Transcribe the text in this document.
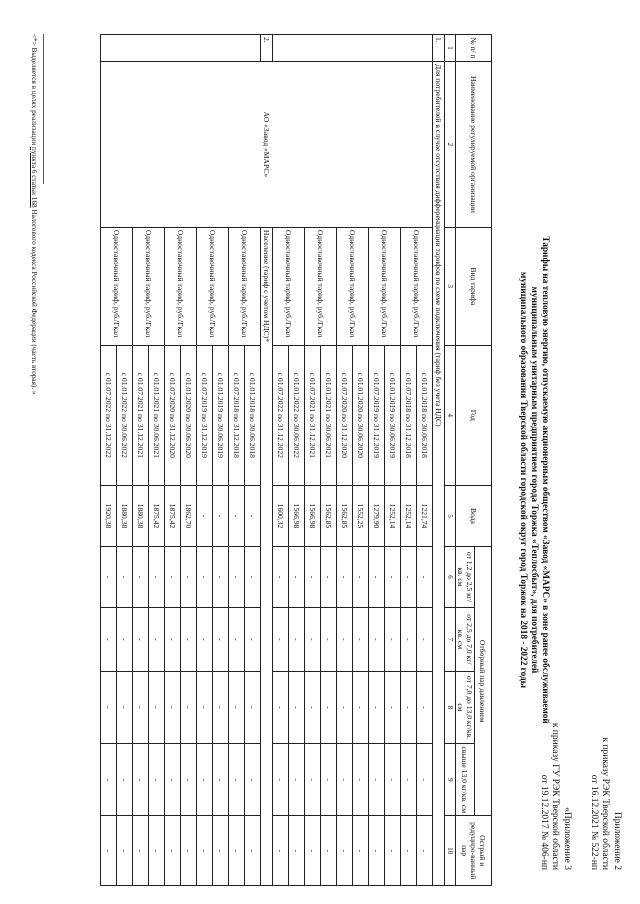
Приложение 2
к приказу РЭК Тверской области
от 16.12.2021 № 522-нп
«Приложение 3
к приказу ГУ РЭК Тверской области
от 19.12.2017 № 406-нп
Тарифы на тепловую энергию, отпускаемую акционерным обществом «Завод «МАРС» в зоне ранее обслуживаемой
муниципальным унитарным предприятием города Торжка «Теплосбыт», для потребителей
муниципального образования Тверской области городской округ город Торжок на 2018 - 2022 годы
№ п/ п	Наименование регулируемой организации	Вид тарифа	Год	Вода	Отборный пар давлением				Острый и редуциро-ванный пар
					от 1,2 до 2,5 кг/кв. см	от 2,5 до 7,0 кг/кв. см	от 7,0 до 13,0 кг/кв. см	свыше 13,0 кг/кв. см	
1	2	3	4	5	6	7	8	9	10
1.	Для потребителей в случае отсутствия дифференциации тарифов по схеме подключения (тариф без учета НДС)								
	АО «Завод «МАРС»	Одноставочный тариф, руб./Гкал	с 01.01.2018 по 30.06.2018	1221,74	-	-	-	-	-
			с 01.07.2018 по 31.12.2018	1252,14	-	-	-	-	-
		Одноставочный тариф, руб./Гкал	с 01.01.2019 по 30.06.2019	1252,14	-	-	-	-	-
			с 01.07.2019 по 31.12.2019	1279,90	-	-	-	-	-
		Одноставочный тариф, руб./Гкал	с 01.01.2020 по 30.06.2020	1552,25	-	-	-	-	-
			с 01.07.2020 по 31.12.2020	1562,85	-	-	-	-	-
		Одноставочный тариф, руб./Гкал	с 01.01.2021 по 30.06.2021	1562,85	-	-	-	-	-
			с 01.07.2021 по 31.12.2021	1566,98	-	-	-	-	-
		Одноставочный тариф, руб./Гкал	с 01.01.2022 по 30.06.2022	1566,98	-	-	-	-	-
			с 01.07.2022 по 31.12.2022	1600,32	-	-	-	-	-
2.		Население (тариф с учетом НДС)*							
		Одноставочный тариф, руб./Гкал	с 01.01.2018 по 30.06.2018	-	-	-	-	-	-
			с 01.07.2018 по 31.12.2018	-	-	-	-	-	-
		Одноставочный тариф, руб./Гкал	с 01.01.2019 по 30.06.2019	-	-	-	-	-	-
			с 01.07.2019 по 31.12.2019	-	-	-	-	-	-
		Одноставочный тариф, руб./Гкал	с 01.01.2020 по 30.06.2020	1862,70	-	-	-	-	-
			с 01.07.2020 по 31.12.2020	1875,42	-	-	-	-	-
		Одноставочный тариф, руб./Гкал	с 01.01.2021 по 30.06.2021	1875,42	-	-	-	-	-
			с 01.07.2021 по 31.12.2021	1880,38	-	-	-	-	-
		Одноставочный тариф, руб./Гкал	с 01.01.2022 по 30.06.2022	1880,38	-	-	-	-	-
			с 01.07.2022 по 31.12.2022	1920,38	-	-	-	-	-
<*> Выделяется в целях реализации пункта 6 статьи 168 Налогового кодекса Российской Федерации (часть вторая). »
